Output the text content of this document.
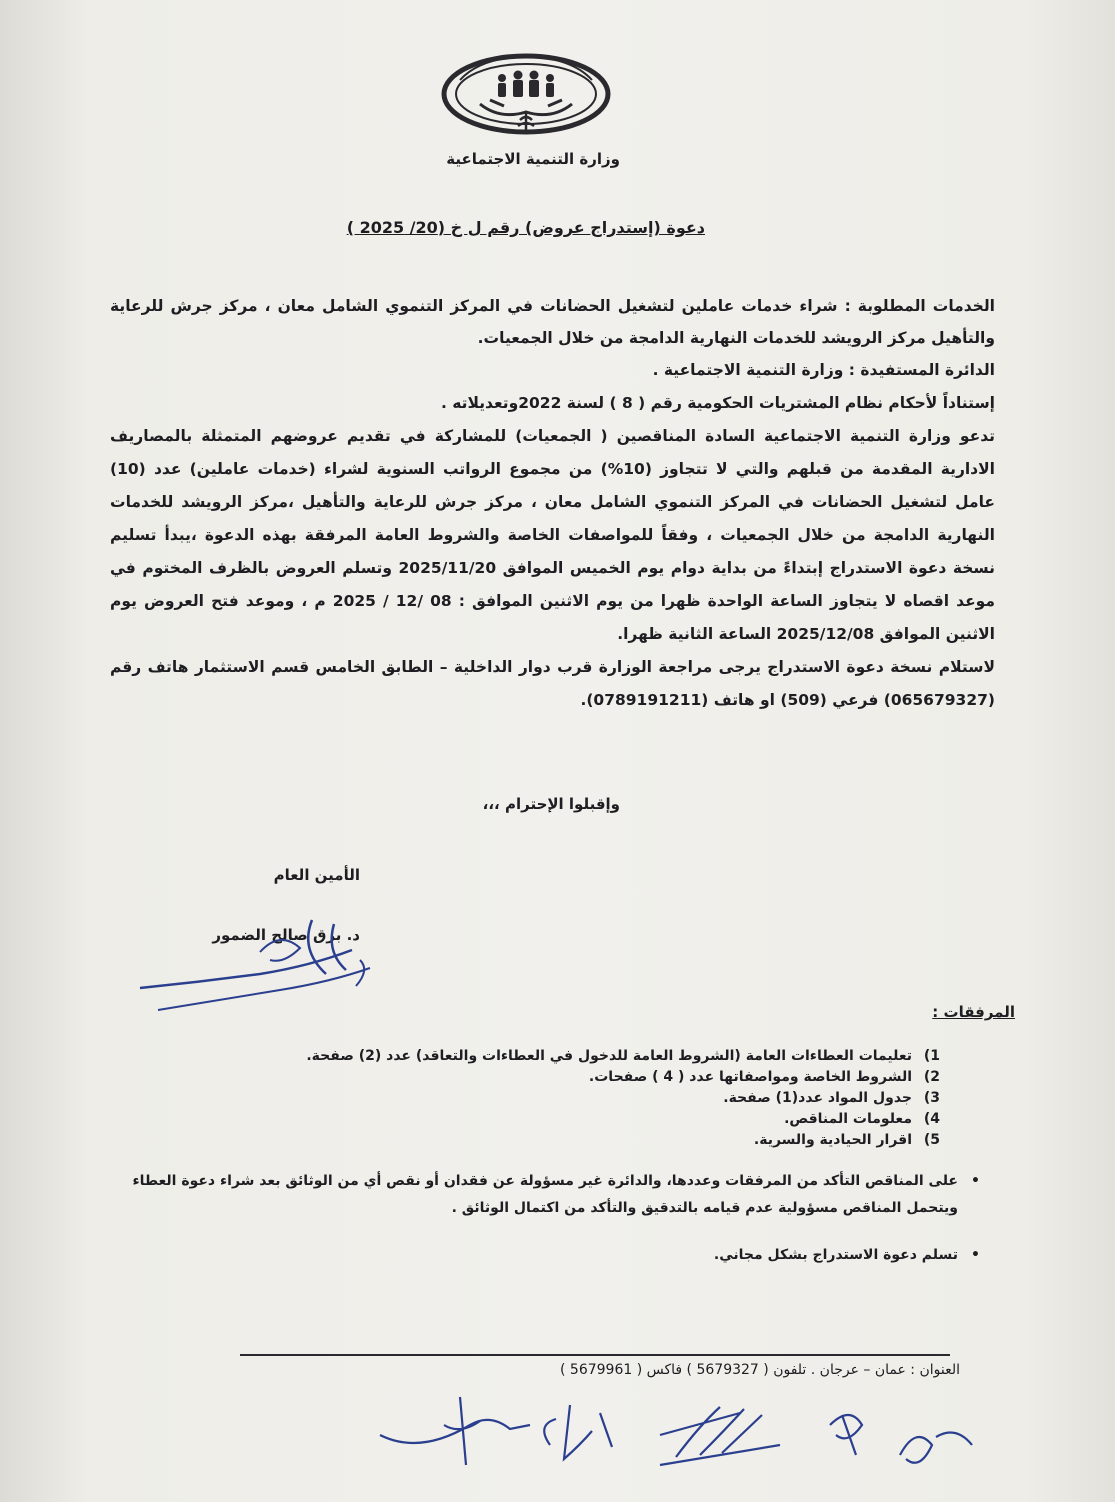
وزارة التنمية الاجتماعية
دعوة (إستدراج عروض) رقم ل خ (20/ 2025 )

الخدمات المطلوبة : شراء خدمات عاملين لتشغيل الحضانات في المركز التنموي الشامل معان ، مركز جرش للرعاية والتأهيل مركز الرويشد للخدمات النهارية الدامجة من خلال الجمعيات.

الدائرة المستفيدة : وزارة التنمية الاجتماعية .

إستناداً لأحكام نظام المشتريات الحكومية رقم ( 8 ) لسنة 2022وتعديلاته .

تدعو وزارة التنمية الاجتماعية السادة المناقصين ( الجمعيات) للمشاركة في تقديم عروضهم المتمثلة بالمصاريف الادارية المقدمة من قبلهم والتي لا تتجاوز (10%) من مجموع الرواتب السنوية لشراء (خدمات عاملين) عدد (10) عامل لتشغيل الحضانات في المركز التنموي الشامل معان ، مركز جرش للرعاية والتأهيل ،مركز الرويشد للخدمات النهارية الدامجة من خلال الجمعيات ، وفقاً للمواصفات الخاصة والشروط العامة المرفقة بهذه الدعوة ،يبدأ تسليم نسخة دعوة الاستدراج إبتداءً من بداية دوام يوم الخميس الموافق 2025/11/20 وتسلم العروض بالظرف المختوم في موعد اقصاه لا يتجاوز الساعة الواحدة ظهرا من يوم الاثنين الموافق : 08 /12 / 2025 م ، وموعد فتح العروض يوم الاثنين الموافق 2025/12/08 الساعة الثانية ظهرا.

لاستلام نسخة دعوة الاستدراج يرجى مراجعة الوزارة قرب دوار الداخلية – الطابق الخامس قسم الاستثمار هاتف رقم (065679327) فرعي (509) او هاتف (0789191211).

وإقبلوا الإحترام ،،،
الأمين العام
د. برق صالح الضمور
المرفقات :
1)تعليمات العطاءات العامة (الشروط العامة للدخول في العطاءات والتعاقد) عدد (2) صفحة.
2)الشروط الخاصة ومواصفاتها عدد ( 4 ) صفحات.
3)جدول المواد عدد(1) صفحة.
4)معلومات المناقص.
5)اقرار الحيادية والسرية.
• على المناقص التأكد من المرفقات وعددها، والدائرة غير مسؤولة عن فقدان أو نقص أي من الوثائق بعد شراء دعوة العطاء ويتحمل المناقص مسؤولية عدم قيامه بالتدقيق والتأكد من اكتمال الوثائق .
• تسلم دعوة الاستدراج بشكل مجاني.
العنوان : عمان – عرجان . تلفون ( 5679327 ) فاكس ( 5679961 )
